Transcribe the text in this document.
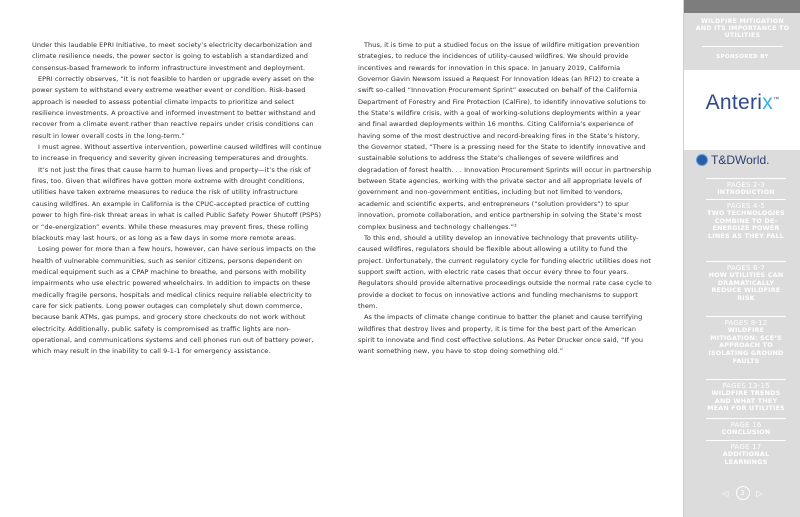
Under this laudable EPRI Initiative, to meet society’s electricity decarbonization and climate resilience needs, the power sector is going to establish a standardized and consensus-based framework to inform infrastructure investment and deployment.

EPRI correctly observes, “It is not feasible to harden or upgrade every asset on the power system to withstand every extreme weather event or condition. Risk-based approach is needed to assess potential climate impacts to prioritize and select resilience investments. A proactive and informed investment to better withstand and recover from a climate event rather than reactive repairs under crisis conditions can result in lower overall costs in the long-term.”

I must agree. Without assertive intervention, powerline caused wildfires will continue to increase in frequency and severity given increasing temperatures and droughts.

It’s not just the fires that cause harm to human lives and property—it’s the risk of fires, too. Given that wildfires have gotten more extreme with drought conditions, utilities have taken extreme measures to reduce the risk of utility infrastructure causing wildfires. An example in California is the CPUC-accepted practice of cutting power to high fire-risk threat areas in what is called Public Safety Power Shutoff (PSPS) or “de-energization” events. While these measures may prevent fires, these rolling blackouts may last hours, or as long as a few days in some more remote areas.

Losing power for more than a few hours, however, can have serious impacts on the health of vulnerable communities, such as senior citizens, persons dependent on medical equipment such as a CPAP machine to breathe, and persons with mobility impairments who use electric powered wheelchairs. In addition to impacts on these medically fragile persons, hospitals and medical clinics require reliable electricity to care for sick patients. Long power outages can completely shut down commerce, because bank ATMs, gas pumps, and grocery store checkouts do not work without electricity. Additionally, public safety is compromised as traffic lights are non-operational, and communications systems and cell phones run out of battery power, which may result in the inability to call 9-1-1 for emergency assistance.

Thus, it is time to put a studied focus on the issue of wildfire mitigation prevention strategies, to reduce the incidences of utility-caused wildfires. We should provide incentives and rewards for innovation in this space. In January 2019, California Governor Gavin Newsom issued a Request For Innovation Ideas (an RFI2) to create a swift so-called “Innovation Procurement Sprint” executed on behalf of the California Department of Forestry and Fire Protection (CalFire), to identify innovative solutions to the State’s wildfire crisis, with a goal of working-solutions deployments within a year and final awarded deployments within 16 months. Citing California’s experience of having some of the most destructive and record-breaking fires in the State’s history, the Governor stated, “There is a pressing need for the State to identify innovative and sustainable solutions to address the State’s challenges of severe wildfires and degradation of forest health. . . Innovation Procurement Sprints will occur in partnership between State agencies, working with the private sector and all appropriate levels of government and non-government entities, including but not limited to vendors, academic and scientific experts, and entrepreneurs (“solution providers”) to spur innovation, promote collaboration, and entice partnership in solving the State’s most complex business and technology challenges.”²

To this end, should a utility develop an innovative technology that prevents utility-caused wildfires, regulators should be flexible about allowing a utility to fund the project. Unfortunately, the current regulatory cycle for funding electric utilities does not support swift action, with electric rate cases that occur every three to four years. Regulators should provide alternative proceedings outside the normal rate case cycle to provide a docket to focus on innovative actions and funding mechanisms to support them.

As the impacts of climate change continue to batter the planet and cause terrifying wildfires that destroy lives and property, it is time for the best part of the American spirit to innovate and find cost effective solutions. As Peter Drucker once said, “If you want something new, you have to stop doing something old.”

WILDFIRE MITIGATION AND ITS IMPORTANCE TO UTILITIES
SPONSORED BY
Anterix™
T&DWorld .
PAGES 2-3
INTRODUCTION
PAGES 4-5
TWO TECHNOLOGIES COMBINE TO DE-ENERGIZE POWER LINES AS THEY FALL
PAGES 6-7
HOW UTILITIES CAN DRAMATICALLY REDUCE WILDFIRE RISK
PAGES 8-12
WILDFIRE MITIGATION: SCE’S APPROACH TO ISOLATING GROUND FAULTS
PAGES 13-15
WILDFIRE TRENDS AND WHAT THEY MEAN FOR UTILITIES
PAGE 16
CONCLUSION
PAGE 17
ADDITIONAL LEARNINGS
◁	3	▷
